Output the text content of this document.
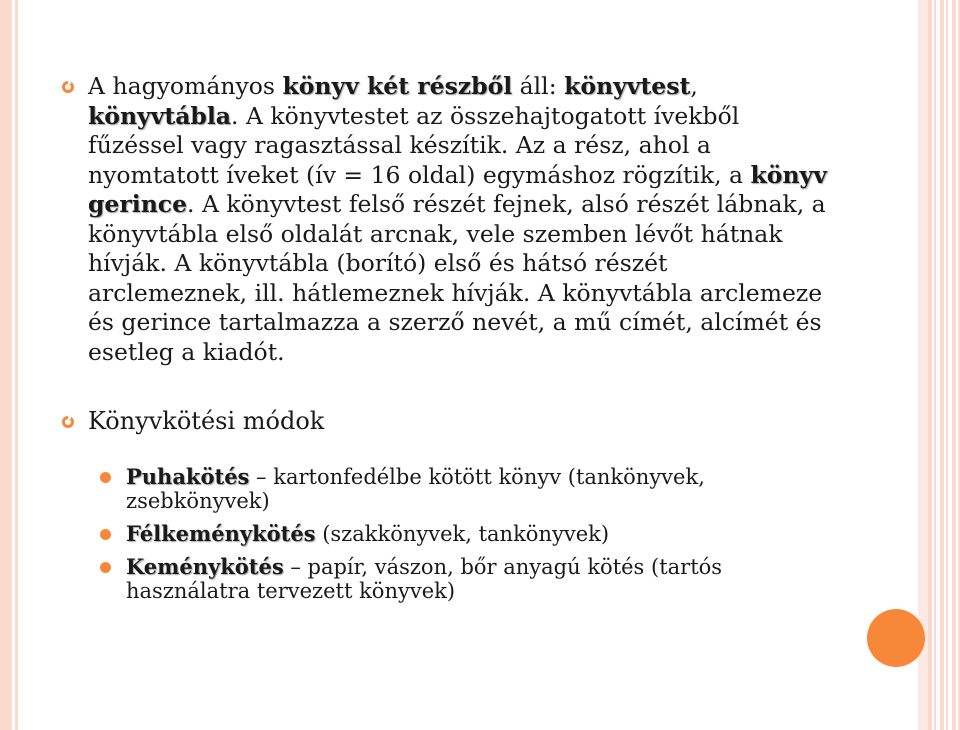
A hagyományos könyv két részből áll: könyvtest, könyvtábla. A könyvtestet az összehajtogatott ívekből fűzéssel vagy ragasztással készítik. Az a rész, ahol a nyomtatott íveket (ív = 16 oldal) egymáshoz rögzítik, a könyv gerince. A könyvtest felső részét fejnek, alsó részét lábnak, a könyvtábla első oldalát arcnak, vele szemben lévőt hátnak hívják. A könyvtábla (borító) első és hátsó részét arclemeznek, ill. hátlemeznek hívják. A könyvtábla arclemeze és gerince tartalmazza a szerző nevét, a mű címét, alcímét és esetleg a kiadót.
Könyvkötési módok
Puhakötés – kartonfedélbe kötött könyv (tankönyvek, zsebkönyvek)
Félkeménykötés (szakkönyvek, tankönyvek)
Keménykötés – papír, vászon, bőr anyagú kötés (tartós használatra tervezett könyvek)
